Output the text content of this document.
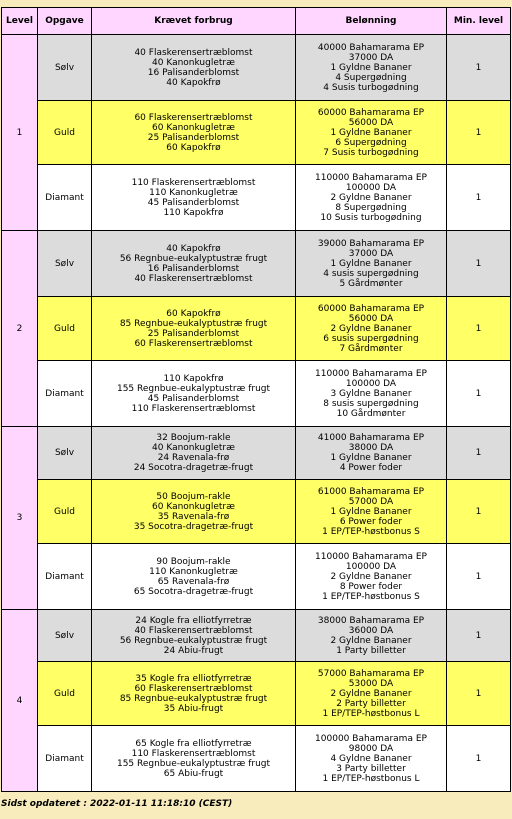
Level	Opgave	Krævet forbrug	Belønning	Min. level
1	Sølv	40 Flaskerensertræblomst
40 Kanonkugletræ
16 Palisanderblomst
40 Kapokfrø	40000 Bahamarama EP
37000 DA
1 Gyldne Bananer
4 Supergødning
4 Susis turbogødning	1
	Guld	60 Flaskerensertræblomst
60 Kanonkugletræ
25 Palisanderblomst
60 Kapokfrø	60000 Bahamarama EP
56000 DA
1 Gyldne Bananer
6 Supergødning
7 Susis turbogødning	1
	Diamant	110 Flaskerensertræblomst
110 Kanonkugletræ
45 Palisanderblomst
110 Kapokfrø	110000 Bahamarama EP
100000 DA
2 Gyldne Bananer
8 Supergødning
10 Susis turbogødning	1
2	Sølv	40 Kapokfrø
56 Regnbue-eukalyptustræ frugt
16 Palisanderblomst
40 Flaskerensertræblomst	39000 Bahamarama EP
37000 DA
1 Gyldne Bananer
4 susis supergødning
5 Gårdmønter	1
	Guld	60 Kapokfrø
85 Regnbue-eukalyptustræ frugt
25 Palisanderblomst
60 Flaskerensertræblomst	60000 Bahamarama EP
56000 DA
2 Gyldne Bananer
6 susis supergødning
7 Gårdmønter	1
	Diamant	110 Kapokfrø
155 Regnbue-eukalyptustræ frugt
45 Palisanderblomst
110 Flaskerensertræblomst	110000 Bahamarama EP
100000 DA
3 Gyldne Bananer
8 susis supergødning
10 Gårdmønter	1
3	Sølv	32 Boojum-rakle
40 Kanonkugletræ
24 Ravenala-frø
24 Socotra-dragetræ-frugt	41000 Bahamarama EP
38000 DA
1 Gyldne Bananer
4 Power foder	1
	Guld	50 Boojum-rakle
60 Kanonkugletræ
35 Ravenala-frø
35 Socotra-dragetræ-frugt	61000 Bahamarama EP
57000 DA
1 Gyldne Bananer
6 Power foder
1 EP/TEP-høstbonus S	1
	Diamant	90 Boojum-rakle
110 Kanonkugletræ
65 Ravenala-frø
65 Socotra-dragetræ-frugt	110000 Bahamarama EP
100000 DA
2 Gyldne Bananer
8 Power foder
1 EP/TEP-høstbonus S	1
4	Sølv	24 Kogle fra elliotfyrretræ
40 Flaskerensertræblomst
56 Regnbue-eukalyptustræ frugt
24 Abiu-frugt	38000 Bahamarama EP
36000 DA
2 Gyldne Bananer
1 Party billetter	1
	Guld	35 Kogle fra elliotfyrretræ
60 Flaskerensertræblomst
85 Regnbue-eukalyptustræ frugt
35 Abiu-frugt	57000 Bahamarama EP
53000 DA
2 Gyldne Bananer
2 Party billetter
1 EP/TEP-høstbonus L	1
	Diamant	65 Kogle fra elliotfyrretræ
110 Flaskerensertræblomst
155 Regnbue-eukalyptustræ frugt
65 Abiu-frugt	100000 Bahamarama EP
98000 DA
4 Gyldne Bananer
3 Party billetter
1 EP/TEP-høstbonus L	1
Sidst opdateret : 2022-01-11 11:18:10 (CEST)
